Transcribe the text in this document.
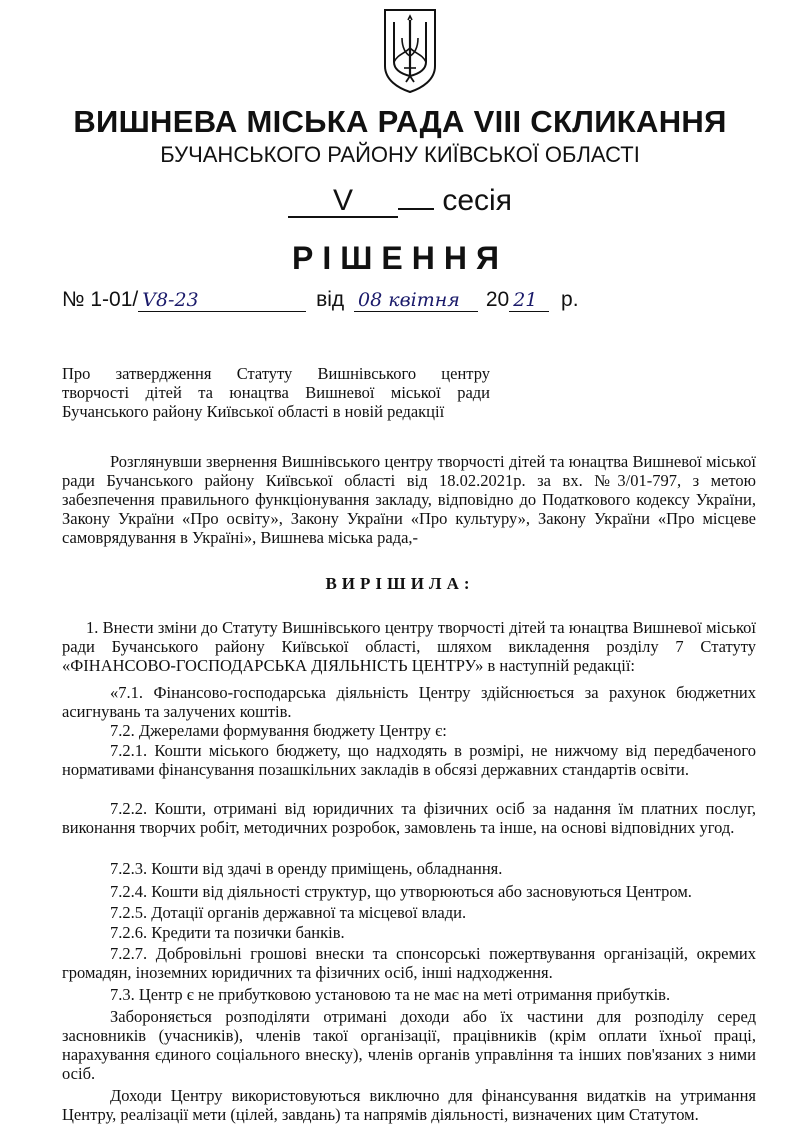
ВИШНЕВА МІСЬКА РАДА VIII СКЛИКАННЯ
БУЧАНСЬКОГО РАЙОНУ КИЇВСЬКОЇ ОБЛАСТІ
V	сесія
РІШЕННЯ
№ 1-01/ V8-23	від 08 квітня 20 21 р.
Про затвердження Статуту Вишнівського центру
творчості дітей та юнацтва Вишневої міської ради
Бучанського району Київської області в новій редакції
Розглянувши звернення Вишнівського центру творчості дітей та юнацтва Вишневої міської ради Бучанського району Київської області від 18.02.2021р. за вх. №3/01-797, з метою забезпечення правильного функціонування закладу, відповідно до Податкового кодексу України, Закону України «Про освіту», Закону України «Про культуру», Закону України «Про місцеве самоврядування в Україні», Вишнева міська рада,-
ВИРІШИЛА:
1. Внести зміни до Статуту Вишнівського центру творчості дітей та юнацтва Вишневої міської ради Бучанського району Київської області, шляхом викладення розділу 7 Статуту «ФІНАНСОВО-ГОСПОДАРСЬКА ДІЯЛЬНІСТЬ ЦЕНТРУ» в наступній редакції:
«7.1. Фінансово-господарська діяльність Центру здійснюється за рахунок бюджетних асигнувань та залучених коштів.
7.2. Джерелами формування бюджету Центру є:
7.2.1. Кошти міського бюджету, що надходять в розмірі, не нижчому від передбаченого нормативами фінансування позашкільних закладів в обсязі державних стандартів освіти.
7.2.2. Кошти, отримані від юридичних та фізичних осіб за надання їм платних послуг, виконання творчих робіт, методичних розробок, замовлень та інше, на основі відповідних угод.
7.2.3. Кошти від здачі в оренду приміщень, обладнання.
7.2.4. Кошти від діяльності структур, що утворюються або засновуються Центром.
7.2.5. Дотації органів державної та місцевої влади.
7.2.6. Кредити та позички банків.
7.2.7. Добровільні грошові внески та спонсорські пожертвування організацій, окремих громадян, іноземних юридичних та фізичних осіб, інші надходження.
7.3. Центр є не прибутковою установою та не має на меті отримання прибутків.
Забороняється розподіляти отримані доходи або їх частини для розподілу серед засновників (учасників), членів такої організації, працівників (крім оплати їхньої праці, нарахування єдиного соціального внеску), членів органів управління та інших пов'язаних з ними осіб.
Доходи Центру використовуються виключно для фінансування видатків на утримання Центру, реалізації мети (цілей, завдань) та напрямів діяльності, визначених цим Статутом.
